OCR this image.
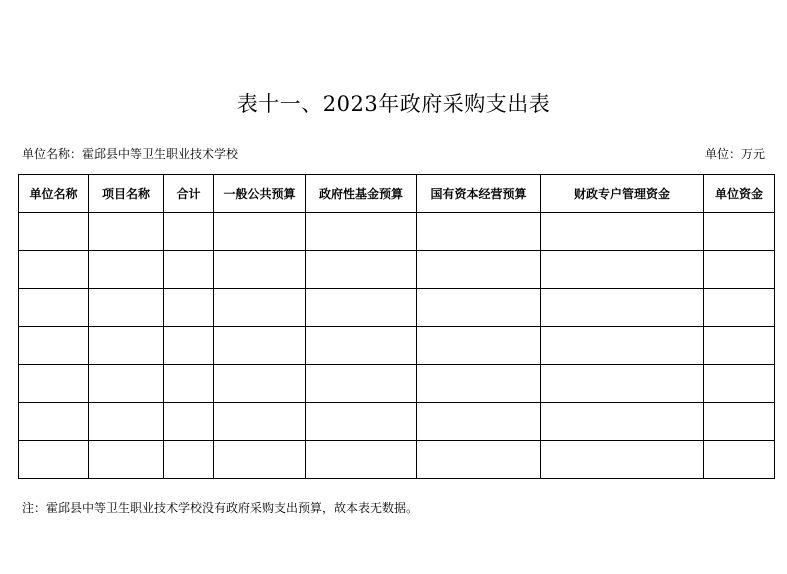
表十一、2023年政府采购支出表
单位名称：霍邱县中等卫生职业技术学校	单位：万元
单位名称	项目名称	合计	一般公共预算	政府性基金预算	国有资本经营预算	财政专户管理资金	单位资金

注：霍邱县中等卫生职业技术学校没有政府采购支出预算，故本表无数据。
